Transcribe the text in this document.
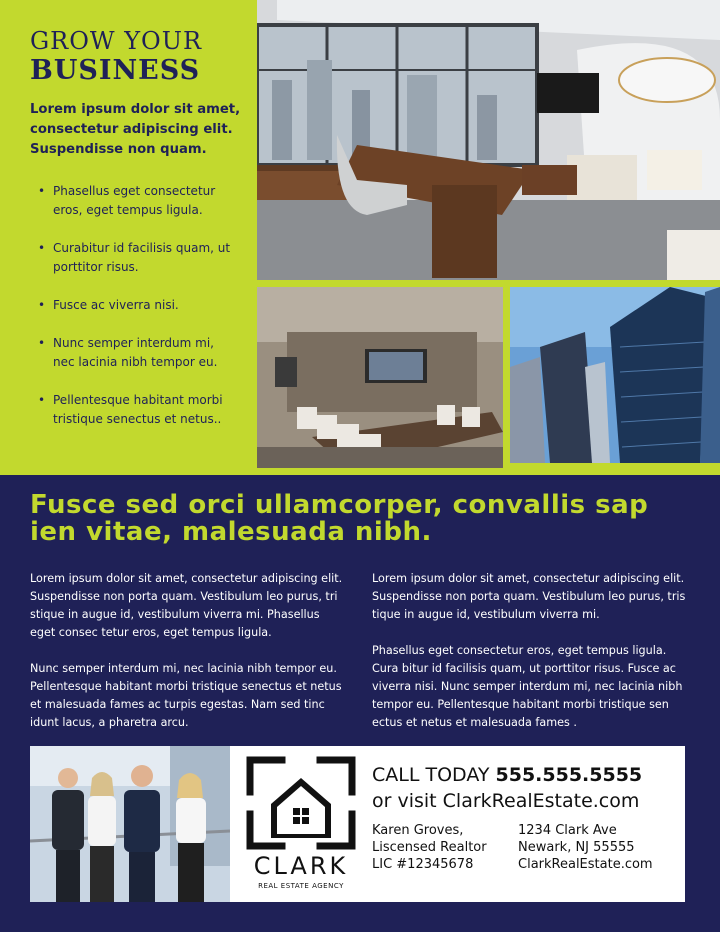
GROW YOUR
BUSINESS
Lorem ipsum dolor sit amet, consectetur adipiscing elit. Suspendisse non quam.
• Phasellus eget consectetur eros, eget tempus ligula.
• Curabitur id facilisis quam, ut porttitor risus.
• Fusce ac viverra nisi.
• Nunc semper interdum mi, nec lacinia nibh tempor eu.
• Pellentesque habitant morbi tristique senectus et netus..
Fusce sed orci ullamcorper, convallis sap ien vitae, malesuada nibh.

Lorem ipsum dolor sit amet, consectetur adipiscing elit. Suspendisse non porta quam. Vestibulum leo purus, tri stique in augue id, vestibulum viverra mi. Phasellus eget consec tetur eros, eget tempus ligula.

Nunc semper interdum mi, nec lacinia nibh tempor eu. Pellentesque habitant morbi tristique senectus et netus et malesuada fames ac turpis egestas. Nam sed tinc idunt lacus, a pharetra arcu.

Lorem ipsum dolor sit amet, consectetur adipiscing elit. Suspendisse non porta quam. Vestibulum leo purus, tris tique in augue id, vestibulum viverra mi.

Phasellus eget consectetur eros, eget tempus ligula. Cura bitur id facilisis quam, ut porttitor risus. Fusce ac viverra nisi. Nunc semper interdum mi, nec lacinia nibh tempor eu. Pellentesque habitant morbi tristique sen ectus et netus et malesuada fames .

CLARK
REAL ESTATE AGENCY
CALL TODAY 555.555.5555
or visit ClarkRealEstate.com
Karen Groves,
Liscensed Realtor
LIC #12345678
1234 Clark Ave
Newark, NJ 55555
ClarkRealEstate.com
